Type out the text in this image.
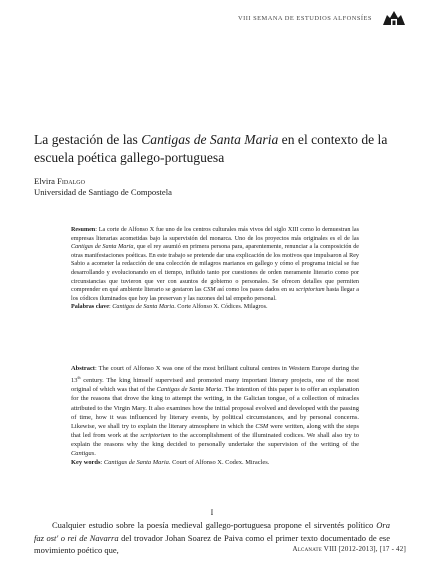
VIII SEMANA DE ESTUDIOS ALFONSÍES
La gestación de las Cantigas de Santa Maria en el contexto de la escuela poética gallego-portuguesa
Elvira Fidalgo
Universidad de Santiago de Compostela

Resumen: La corte de Alfonso X fue uno de los centros culturales más vivos del siglo XIII como lo demuestran las empresas literarias acometidas bajo la supervisión del monarca. Uno de los proyectos más originales es el de las Cantigas de Santa Maria, que el rey asumió en primera persona para, aparentemente, renunciar a la composición de otras manifestaciones poéticas. En este trabajo se pretende dar una explicación de los motivos que impulsaron al Rey Sabio a acometer la redacción de una colección de milagros marianos en gallego y cómo el programa inicial se fue desarrollando y evolucionando en el tiempo, influido tanto por cuestiones de orden meramente literario como por circunstancias que tuvieron que ver con asuntos de gobierno o personales. Se ofrecen detalles que permiten comprender en qué ambiente literario se gestaron las CSM así como los pasos dados en su scriptorium hasta llegar a los códices iluminados que hoy las preservan y las razones del tal empeño personal.
Palabras clave: Cantigas de Santa Maria. Corte Alfonso X. Códices. Milagros.

Abstract: The court of Alfonso X was one of the most brilliant cultural centres in Western Europe during the 13th century. The king himself supervised and promoted many important literary projects, one of the most original of which was that of the Cantigas de Santa Maria. The intention of this paper is to offer an explanation for the reasons that drove the king to attempt the writing, in the Galician tongue, of a collection of miracles attributed to the Virgin Mary. It also examines how the initial proposal evolved and developed with the passing of time, how it was influenced by literary events, by political circumstances, and by personal concerns. Likewise, we shall try to explain the literary atmosphere in which the CSM were written, along with the steps that led from work at the scriptorium to the accomplishment of the illuminated codices. We shall also try to explain the reasons why the king decided to personally undertake the supervision of the writing of the Cantigas.
Key words: Cantigas de Santa Maria. Court of Alfonso X. Codex. Miracles.

I

Cualquier estudio sobre la poesía medieval gallego-portuguesa propone el sirventés político Ora faz ost' o rei de Navarra del trovador Johan Soarez de Paiva como el primer texto documentado de ese movimiento poético que,	Alcanate VIII [2012-2013], [17 - 42]
